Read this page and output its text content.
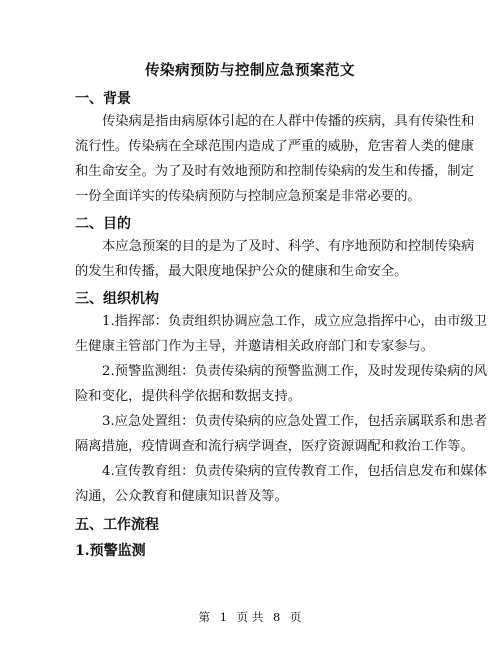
传染病预防与控制应急预案范文
一、背景
传染病是指由病原体引起的在人群中传播的疾病，具有传染性和
流行性。传染病在全球范围内造成了严重的威胁，危害着人类的健康
和生命安全。为了及时有效地预防和控制传染病的发生和传播，制定
一份全面详实的传染病预防与控制应急预案是非常必要的。
二、目的
本应急预案的目的是为了及时、科学、有序地预防和控制传染病
的发生和传播，最大限度地保护公众的健康和生命安全。
三、组织机构
1.指挥部：负责组织协调应急工作，成立应急指挥中心，由市级卫
生健康主管部门作为主导，并邀请相关政府部门和专家参与。
2.预警监测组：负责传染病的预警监测工作，及时发现传染病的风
险和变化，提供科学依据和数据支持。
3.应急处置组：负责传染病的应急处置工作，包括亲属联系和患者
隔离措施，疫情调查和流行病学调查，医疗资源调配和救治工作等。
4.宣传教育组：负责传染病的宣传教育工作，包括信息发布和媒体
沟通，公众教育和健康知识普及等。
五、工作流程
1.预警监测
第 1 页 共 8 页
